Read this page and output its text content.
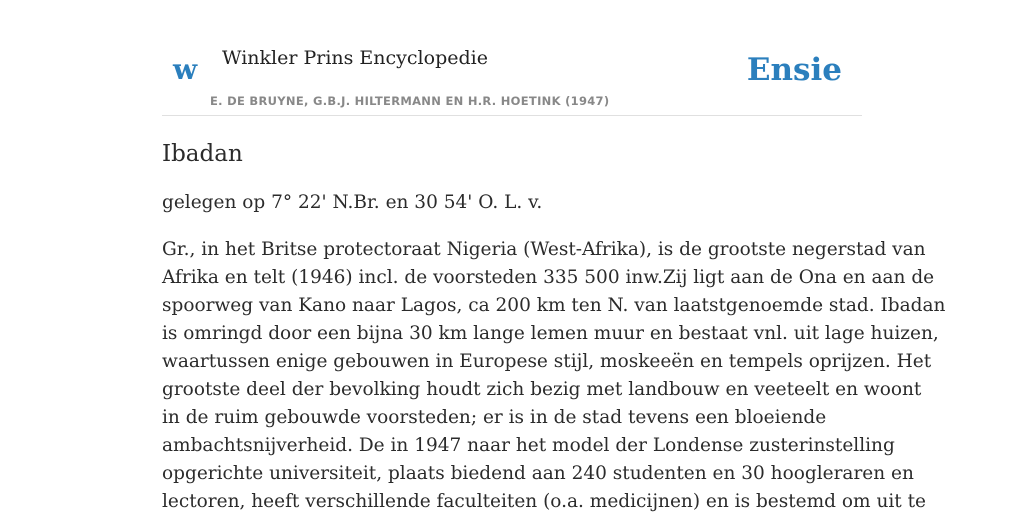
w Winkler Prins Encyclopedie
E. DE BRUYNE, G.B.J. HILTERMANN EN H.R. HOETINK (1947)
Ensie
Ibadan

gelegen op 7° 22' N.Br. en 30 54' O. L. v.

Gr., in het Britse protectoraat Nigeria (West-Afrika), is de grootste negerstad van
Afrika en telt (1946) incl. de voorsteden 335 500 inw.Zij ligt aan de Ona en aan de
spoorweg van Kano naar Lagos, ca 200 km ten N. van laatstgenoemde stad. Ibadan
is omringd door een bijna 30 km lange lemen muur en bestaat vnl. uit lage huizen,
waartussen enige gebouwen in Europese stijl, moskeeën en tempels oprijzen. Het
grootste deel der bevolking houdt zich bezig met landbouw en veeteelt en woont
in de ruim gebouwde voorsteden; er is in de stad tevens een bloeiende
ambachtsnijverheid. De in 1947 naar het model der Londense zusterinstelling
opgerichte universiteit, plaats biedend aan 240 studenten en 30 hoogleraren en
lectoren, heeft verschillende faculteiten (o.a. medicijnen) en is bestemd om uit te
